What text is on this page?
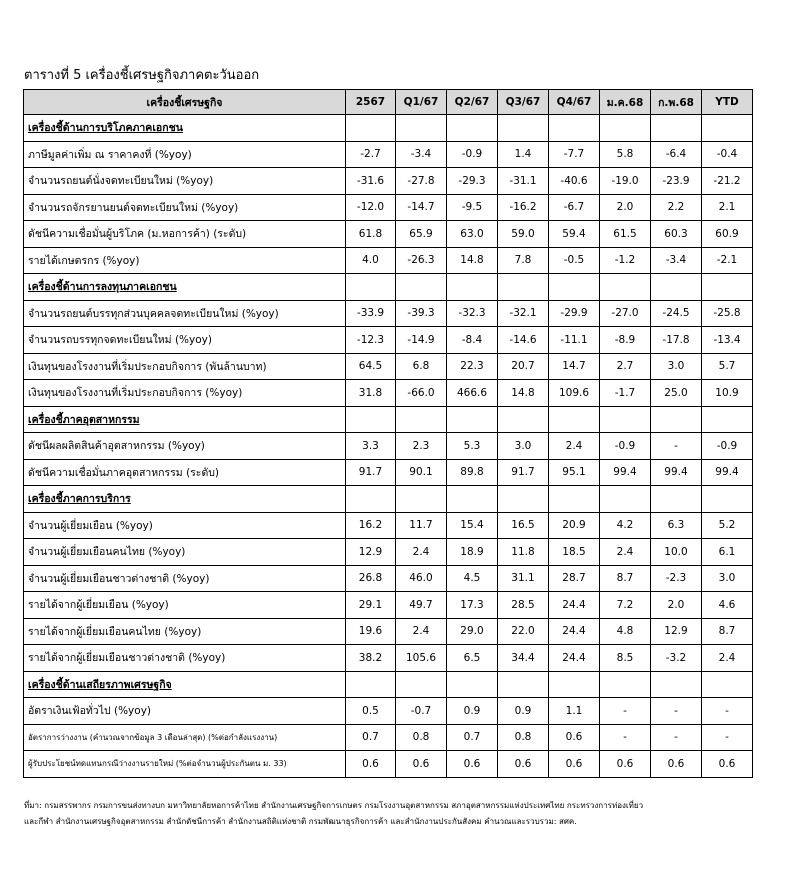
ตารางที่ 5 เครื่องชี้เศรษฐกิจภาคตะวันออก
เครื่องชี้เศรษฐกิจ	2567	Q1/67	Q2/67	Q3/67	Q4/67	ม.ค.68	ก.พ.68	YTD
เครื่องชี้ด้านการบริโภคภาคเอกชน								
ภาษีมูลค่าเพิ่ม ณ ราคาคงที่ (%yoy)	-2.7	-3.4	-0.9	1.4	-7.7	5.8	-6.4	-0.4
จำนวนรถยนต์นั่งจดทะเบียนใหม่ (%yoy)	-31.6	-27.8	-29.3	-31.1	-40.6	-19.0	-23.9	-21.2
จำนวนรถจักรยานยนต์จดทะเบียนใหม่ (%yoy)	-12.0	-14.7	-9.5	-16.2	-6.7	2.0	2.2	2.1
ดัชนีความเชื่อมั่นผู้บริโภค (ม.หอการค้า) (ระดับ)	61.8	65.9	63.0	59.0	59.4	61.5	60.3	60.9
รายได้เกษตรกร (%yoy)	4.0	-26.3	14.8	7.8	-0.5	-1.2	-3.4	-2.1
เครื่องชี้ด้านการลงทุนภาคเอกชน								
จำนวนรถยนต์บรรทุกส่วนบุคคลจดทะเบียนใหม่ (%yoy)	-33.9	-39.3	-32.3	-32.1	-29.9	-27.0	-24.5	-25.8
จำนวนรถบรรทุกจดทะเบียนใหม่ (%yoy)	-12.3	-14.9	-8.4	-14.6	-11.1	-8.9	-17.8	-13.4
เงินทุนของโรงงานที่เริ่มประกอบกิจการ (พันล้านบาท)	64.5	6.8	22.3	20.7	14.7	2.7	3.0	5.7
เงินทุนของโรงงานที่เริ่มประกอบกิจการ (%yoy)	31.8	-66.0	466.6	14.8	109.6	-1.7	25.0	10.9
เครื่องชี้ภาคอุตสาหกรรม								
ดัชนีผลผลิตสินค้าอุตสาหกรรม (%yoy)	3.3	2.3	5.3	3.0	2.4	-0.9	-	-0.9
ดัชนีความเชื่อมั่นภาคอุตสาหกรรม (ระดับ)	91.7	90.1	89.8	91.7	95.1	99.4	99.4	99.4
เครื่องชี้ภาคการบริการ								
จำนวนผู้เยี่ยมเยือน (%yoy)	16.2	11.7	15.4	16.5	20.9	4.2	6.3	5.2
จำนวนผู้เยี่ยมเยือนคนไทย (%yoy)	12.9	2.4	18.9	11.8	18.5	2.4	10.0	6.1
จำนวนผู้เยี่ยมเยือนชาวต่างชาติ (%yoy)	26.8	46.0	4.5	31.1	28.7	8.7	-2.3	3.0
รายได้จากผู้เยี่ยมเยือน (%yoy)	29.1	49.7	17.3	28.5	24.4	7.2	2.0	4.6
รายได้จากผู้เยี่ยมเยือนคนไทย (%yoy)	19.6	2.4	29.0	22.0	24.4	4.8	12.9	8.7
รายได้จากผู้เยี่ยมเยือนชาวต่างชาติ (%yoy)	38.2	105.6	6.5	34.4	24.4	8.5	-3.2	2.4
เครื่องชี้ด้านเสถียรภาพเศรษฐกิจ								
อัตราเงินเฟ้อทั่วไป (%yoy)	0.5	-0.7	0.9	0.9	1.1	-	-	-
อัตราการว่างงาน (คำนวณจากข้อมูล 3 เดือนล่าสุด) (%ต่อกำลังแรงงาน)	0.7	0.8	0.7	0.8	0.6	-	-	-
ผู้รับประโยชน์ทดแทนกรณีว่างงานรายใหม่ (%ต่อจำนวนผู้ประกันตน ม. 33)	0.6	0.6	0.6	0.6	0.6	0.6	0.6	0.6
ที่มา: กรมสรรพากร กรมการขนส่งทางบก มหาวิทยาลัยหอการค้าไทย สำนักงานเศรษฐกิจการเกษตร กรมโรงงานอุตสาหกรรม สภาอุตสาหกรรมแห่งประเทศไทย กระทรวงการท่องเที่ยว
และกีฬา สำนักงานเศรษฐกิจอุตสาหกรรม สำนักดัชนีการค้า สำนักงานสถิติแห่งชาติ กรมพัฒนาธุรกิจการค้า และสำนักงานประกันสังคม คำนวณและรวบรวม: สศค.
